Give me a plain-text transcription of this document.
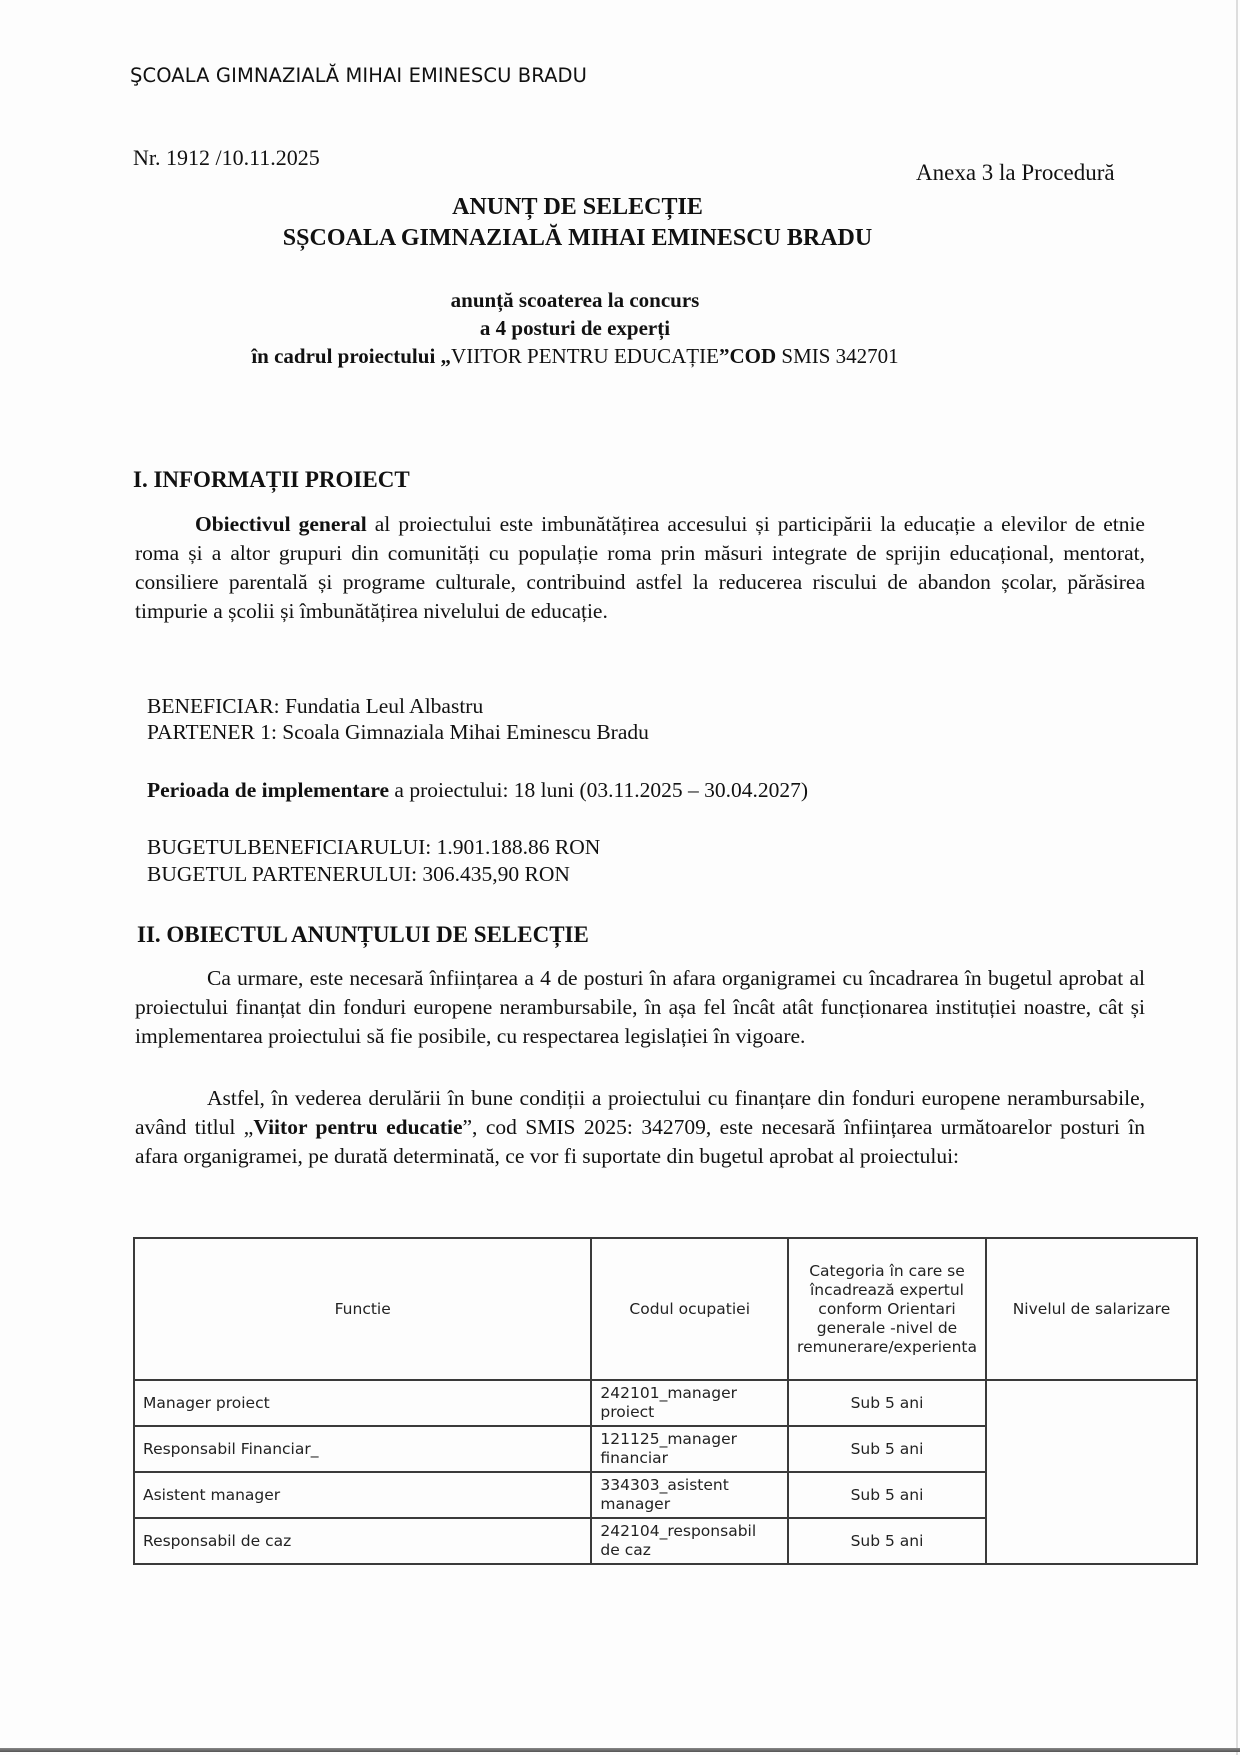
ŞCOALA GIMNAZIALĂ MIHAI EMINESCU BRADU
Nr. 1912 /10.11.2025
Anexa 3 la Procedură
ANUNȚ DE SELECȚIE
SȘCOALA GIMNAZIALĂ MIHAI EMINESCU BRADU
anunță scoaterea la concurs
a 4 posturi de experți
în cadrul proiectului „VIITOR PENTRU EDUCAȚIE”COD SMIS 342701
I. INFORMAȚII PROIECT
Obiectivul general al proiectului este imbunătățirea accesului și participării la educație a elevilor de etnie roma și a altor grupuri din comunități cu populație roma prin măsuri integrate de sprijin educațional, mentorat, consiliere parentală și programe culturale, contribuind astfel la reducerea riscului de abandon școlar, părăsirea timpurie a școlii și îmbunătățirea nivelului de educație.
BENEFICIAR: Fundatia Leul Albastru
PARTENER 1: Scoala Gimnaziala Mihai Eminescu Bradu
Perioada de implementare a proiectului: 18 luni (03.11.2025 – 30.04.2027)
BUGETULBENEFICIARULUI: 1.901.188.86 RON
BUGETUL PARTENERULUI: 306.435,90 RON
II. OBIECTUL ANUNȚULUI DE SELECȚIE
Ca urmare, este necesară înființarea a 4 de posturi în afara organigramei cu încadrarea în bugetul aprobat al proiectului finanțat din fonduri europene nerambursabile, în așa fel încât atât funcționarea instituției noastre, cât și implementarea proiectului să fie posibile, cu respectarea legislației în vigoare.
Astfel, în vederea derulării în bune condiții a proiectului cu finanțare din fonduri europene nerambursabile, având titlul „Viitor pentru educatie”, cod SMIS 2025: 342709, este necesară înființarea următoarelor posturi în afara organigramei, pe durată determinată, ce vor fi suportate din bugetul aprobat al proiectului:
Functie	Codul ocupatiei	Categoria în care se încadrează expertul conform Orientari generale -nivel de remunerare/experienta	Nivelul de salarizare
Manager proiect	242101_manager proiect	Sub 5 ani	
Responsabil Financiar_	121125_manager financiar	Sub 5 ani	
Asistent manager	334303_asistent manager	Sub 5 ani	
Responsabil de caz	242104_responsabil de caz	Sub 5 ani	
